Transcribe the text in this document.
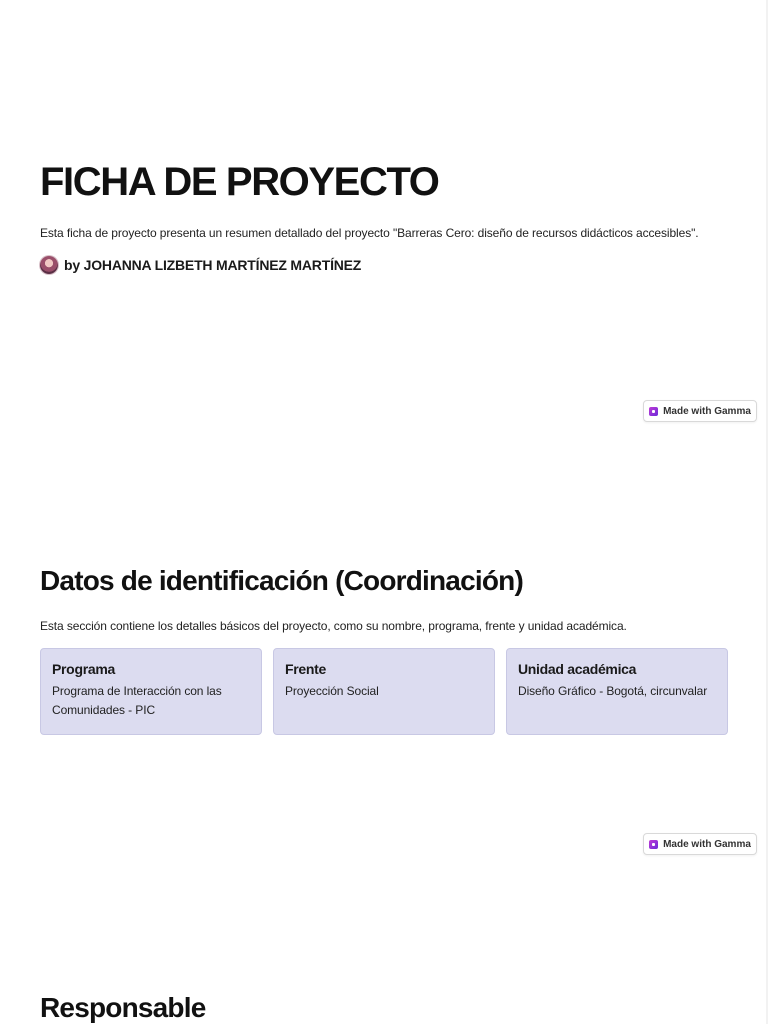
FICHA DE PROYECTO

Esta ficha de proyecto presenta un resumen detallado del proyecto "Barreras Cero: diseño de recursos didácticos accesibles".

by JOHANNA LIZBETH MARTÍNEZ MARTÍNEZ
Made with Gamma
Datos de identificación (Coordinación)

Esta sección contiene los detalles básicos del proyecto, como su nombre, programa, frente y unidad académica.

Programa

Programa de Interacción con las Comunidades - PIC

Frente

Proyección Social

Unidad académica

Diseño Gráfico - Bogotá, circunvalar

Made with Gamma
Responsable
